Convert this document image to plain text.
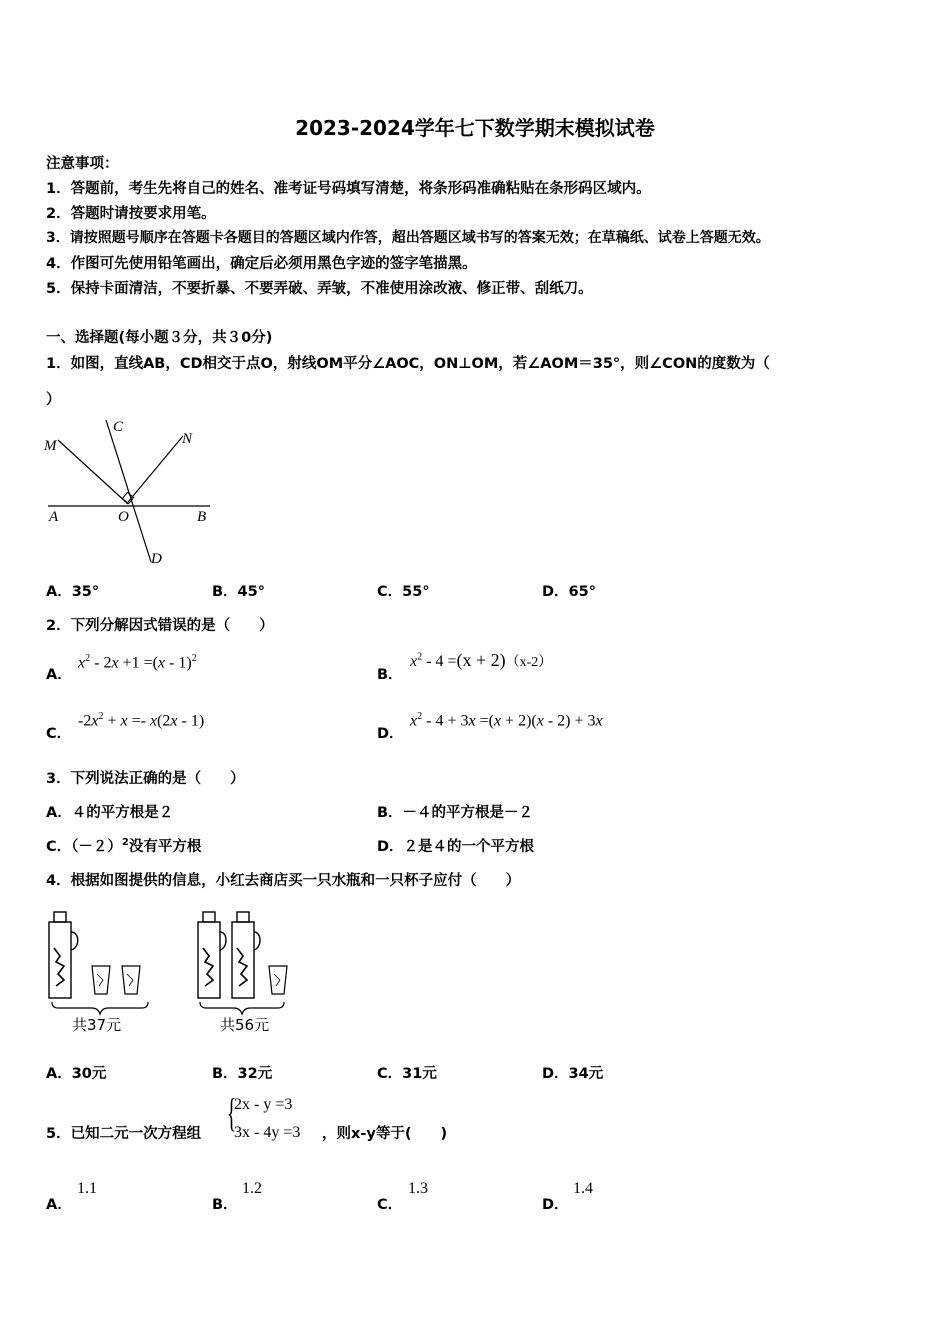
2023-2024学年七下数学期末模拟试卷
注意事项：
1．答题前，考生先将自己的姓名、准考证号码填写清楚，将条形码准确粘贴在条形码区域内。
2．答题时请按要求用笔。
3．请按照题号顺序在答题卡各题目的答题区域内作答，超出答题区域书写的答案无效；在草稿纸、试卷上答题无效。
4．作图可先使用铅笔画出，确定后必须用黑色字迹的签字笔描黑。
5．保持卡面清洁，不要折暴、不要弄破、弄皱，不准使用涂改液、修正带、刮纸刀。
一、选择题(每小题３分，共３0分)
1．如图，直线AB，CD相交于点O，射线OM平分∠AOC，ON⊥OM，若∠AOM＝35°，则∠CON的度数为（
）
M
C
N
A	O	B
D
A．35°	B．45°	C．55°	D．65°
2．下列分解因式错误的是（　　）
A．
$x^2 - 2x +1 =(x - 1)^2$
B．
$x^2 - 4 =(x + 2)(x-2)$
C．
$-2x^2 + x =- x(2x - 1)$
D．
$x^2 - 4 + 3x =(x + 2)(x - 2) + 3x$
3．下列说法正确的是（　　）
A．４的平方根是２	B．－４的平方根是－２
C．$(-2)^2$没有平方根	D．２是４的一个平方根
4．根据如图提供的信息，小红去商店买一只水瓶和一只杯子应付（　　）
共37元	共56元
A．30元	B．32元	C．31元	D．34元
5．已知二元一次方程组 {
2x - y =3
3x - 4y =3 ，则x-y等于(　　)
A．
1.1
B．
1.2
C．
1.3
D．
1.4
